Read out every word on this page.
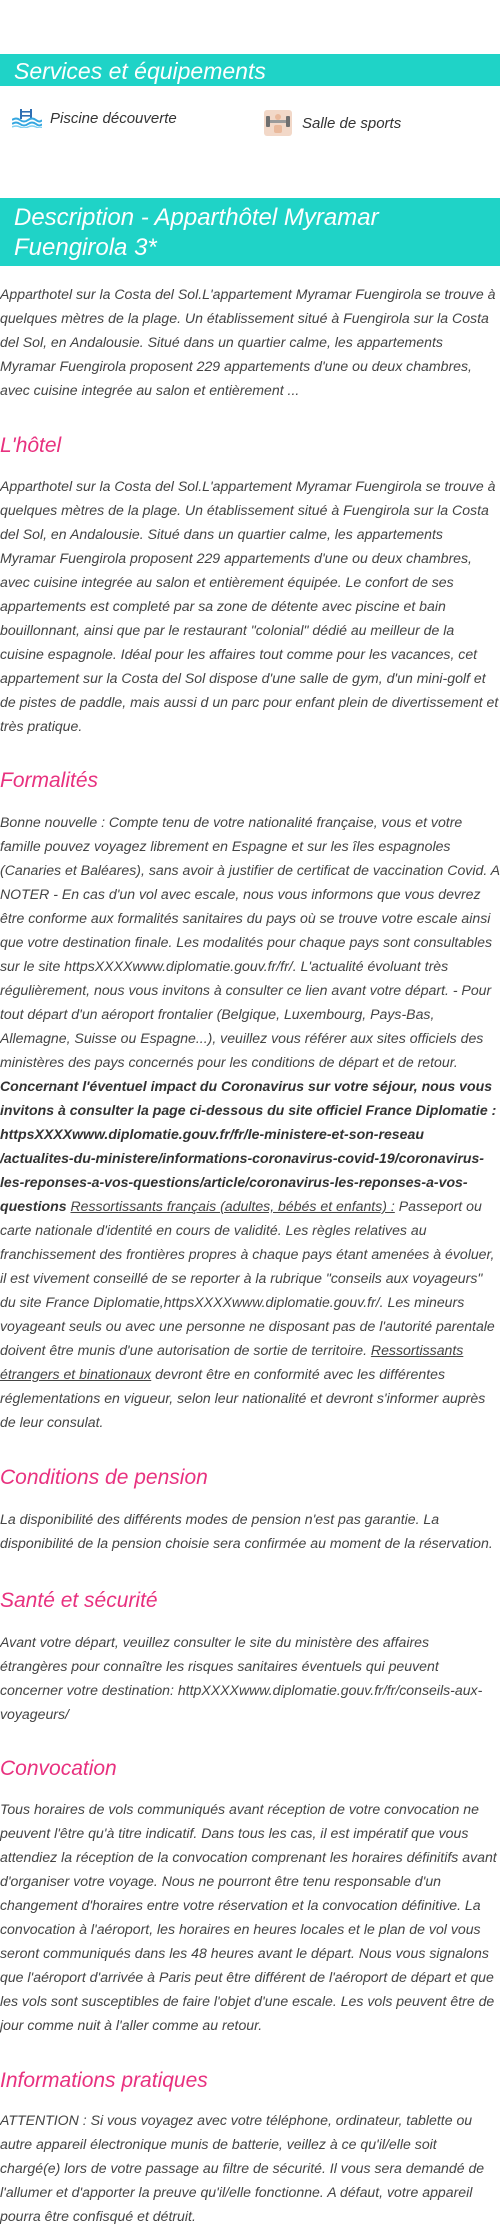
Services et équipements
Piscine découverte	Salle de sports
Description - Apparthôtel Myramar Fuengirola 3*
Apparthotel sur la Costa del Sol.L'appartement Myramar Fuengirola se trouve à quelques mètres de la plage. Un établissement situé à Fuengirola sur la Costa del Sol, en Andalousie. Situé dans un quartier calme, les appartements Myramar Fuengirola proposent 229 appartements d'une ou deux chambres, avec cuisine integrée au salon et entièrement ...
L'hôtel
Apparthotel sur la Costa del Sol.L'appartement Myramar Fuengirola se trouve à quelques mètres de la plage. Un établissement situé à Fuengirola sur la Costa del Sol, en Andalousie. Situé dans un quartier calme, les appartements Myramar Fuengirola proposent 229 appartements d'une ou deux chambres, avec cuisine integrée au salon et entièrement équipée. Le confort de ses appartements est completé par sa zone de détente avec piscine et bain bouillonnant, ainsi que par le restaurant "colonial" dédié au meilleur de la cuisine espagnole. Idéal pour les affaires tout comme pour les vacances, cet appartement sur la Costa del Sol dispose d'une salle de gym, d'un mini-golf et de pistes de paddle, mais aussi d un parc pour enfant plein de divertissement et très pratique.
Formalités
Bonne nouvelle : Compte tenu de votre nationalité française, vous et votre famille pouvez voyagez librement en Espagne et sur les îles espagnoles (Canaries et Baléares), sans avoir à justifier de certificat de vaccination Covid. A NOTER - En cas d'un vol avec escale, nous vous informons que vous devrez être conforme aux formalités sanitaires du pays où se trouve votre escale ainsi que votre destination finale. Les modalités pour chaque pays sont consultables sur le site httpsXXXXwww.diplomatie.gouv.fr/fr/. L'actualité évoluant très régulièrement, nous vous invitons à consulter ce lien avant votre départ. - Pour tout départ d'un aéroport frontalier (Belgique, Luxembourg, Pays-Bas, Allemagne, Suisse ou Espagne...), veuillez vous référer aux sites officiels des ministères des pays concernés pour les conditions de départ et de retour. Concernant l'éventuel impact du Coronavirus sur votre séjour, nous vous invitons à consulter la page ci-dessous du site officiel France Diplomatie : httpsXXXXwww.diplomatie.gouv.fr/fr/le-ministere-et-son-reseau /actualites-du-ministere/informations-coronavirus-covid-19/coronavirus-les-reponses-a-vos-questions/article/coronavirus-les-reponses-a-vos-questions Ressortissants français (adultes, bébés et enfants) : Passeport ou carte nationale d'identité en cours de validité. Les règles relatives au franchissement des frontières propres à chaque pays étant amenées à évoluer, il est vivement conseillé de se reporter à la rubrique "conseils aux voyageurs" du site France Diplomatie,httpsXXXXwww.diplomatie.gouv.fr/. Les mineurs voyageant seuls ou avec une personne ne disposant pas de l'autorité parentale doivent être munis d'une autorisation de sortie de territoire. Ressortissants étrangers et binationaux devront être en conformité avec les différentes réglementations en vigueur, selon leur nationalité et devront s'informer auprès de leur consulat.
Conditions de pension
La disponibilité des différents modes de pension n'est pas garantie. La disponibilité de la pension choisie sera confirmée au moment de la réservation.
Santé et sécurité
Avant votre départ, veuillez consulter le site du ministère des affaires étrangères pour connaître les risques sanitaires éventuels qui peuvent concerner votre destination: httpXXXXwww.diplomatie.gouv.fr/fr/conseils-aux-voyageurs/
Convocation
Tous horaires de vols communiqués avant réception de votre convocation ne peuvent l'être qu'à titre indicatif. Dans tous les cas, il est impératif que vous attendiez la réception de la convocation comprenant les horaires définitifs avant d'organiser votre voyage. Nous ne pourront être tenu responsable d'un changement d'horaires entre votre réservation et la convocation définitive. La convocation à l'aéroport, les horaires en heures locales et le plan de vol vous seront communiqués dans les 48 heures avant le départ. Nous vous signalons que l'aéroport d'arrivée à Paris peut être différent de l'aéroport de départ et que les vols sont susceptibles de faire l'objet d'une escale. Les vols peuvent être de jour comme nuit à l'aller comme au retour.
Informations pratiques
ATTENTION : Si vous voyagez avec votre téléphone, ordinateur, tablette ou autre appareil électronique munis de batterie, veillez à ce qu'il/elle soit chargé(e) lors de votre passage au filtre de sécurité. Il vous sera demandé de l'allumer et d'apporter la preuve qu'il/elle fonctionne. A défaut, votre appareil pourra être confisqué et détruit.
